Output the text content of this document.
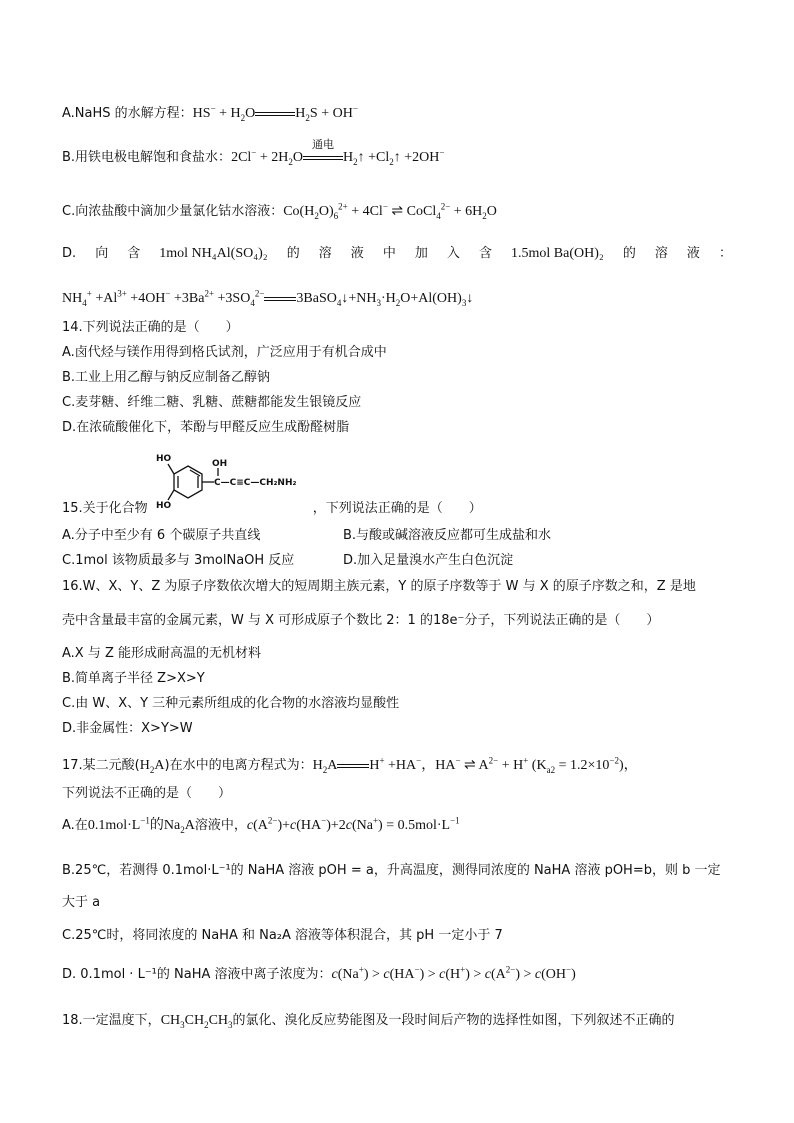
A.NaHS 的水解方程：$HS^- + H_2O$	$H_2S + OH^-$
B.用铁电极电解饱和食盐水：$2Cl^- + 2H_2O$
通电
$H_2↑$ $+Cl_2↑ +2OH^-$
C.向浓盐酸中滴加少量氯化钴水溶液：$Co(H_2O)_6^{2+} + 4Cl^-$ ⇌ CoCl$_4^{2-}$ + $6H_2O$
D. 向 含 1mol NH₄Al(SO₄)₂ 的 溶 液 中 加 入 含 1.5mol Ba(OH)₂ 的 溶 液 ：
$NH_4^+ +Al^{3+} +4OH^- +3Ba^{2+} +3SO_4^{2-}$ $3BaSO_4↓+NH_3\cdot H_2O+Al(OH)_3↓$
14.下列说法正确的是（　　）
A.卤代烃与镁作用得到格氏试剂，广泛应用于有机合成中
B.工业上用乙醇与钠反应制备乙醇钠
C.麦芽糖、纤维二糖、乳糖、蔗糖都能发生银镜反应
D.在浓硫酸催化下，苯酚与甲醛反应生成酚醛树脂
HO
HO
OH
C—C≡C—CH₂NH₂
15.关于化合物	，下列说法正确的是（　　）
A.分子中至少有 6 个碳原子共直线	B.与酸或碱溶液反应都可生成盐和水
C.1mol 该物质最多与 3molNaOH 反应	D.加入足量溴水产生白色沉淀
16.W、X、Y、Z 为原子序数依次增大的短周期主族元素，Y 的原子序数等于 W 与 X 的原子序数之和，Z 是地
壳中含量最丰富的金属元素，W 与 X 可形成原子个数比 2：1 的18e⁻分子，下列说法正确的是（　　）
A.X 与 Z 能形成耐高温的无机材料
B.简单离子半径 Z>X>Y
C.由 W、X、Y 三种元素所组成的化合物的水溶液均显酸性
D.非金属性：X>Y>W
17.某二元酸$(H_2A)$在水中的电离方程式为：$H_2A$ H+ +HA−，HA− ⇌ $A^{2-} + H^+$ $(K_{a2} = 1.2\times 10^{-2})$，
下列说法不正确的是（　　）
A.在$0.1mol\cdot L^{-1}$的$Na_2A$溶液中，$c(A^{2-})+c(HA^-)+2c(Na^+) = 0.5mol\cdot L^{-1}$
B.25℃，若测得 0.1mol·L⁻¹的 NaHA 溶液 pOH = a，升高温度，测得同浓度的 NaHA 溶液 pOH=b，则 b 一定
大于 a
C.25℃时，将同浓度的 NaHA 和 Na₂A 溶液等体积混合，其 pH 一定小于 7
D. 0.1mol · L⁻¹的 NaHA 溶液中离子浓度为：$c(Na^+) > c(HA^-) > c(H^+) > c(A^{2-}) > c(OH^-)$
18.一定温度下，$CH_3CH_2CH_3$的氯化、溴化反应势能图及一段时间后产物的选择性如图，下列叙述不正确的
